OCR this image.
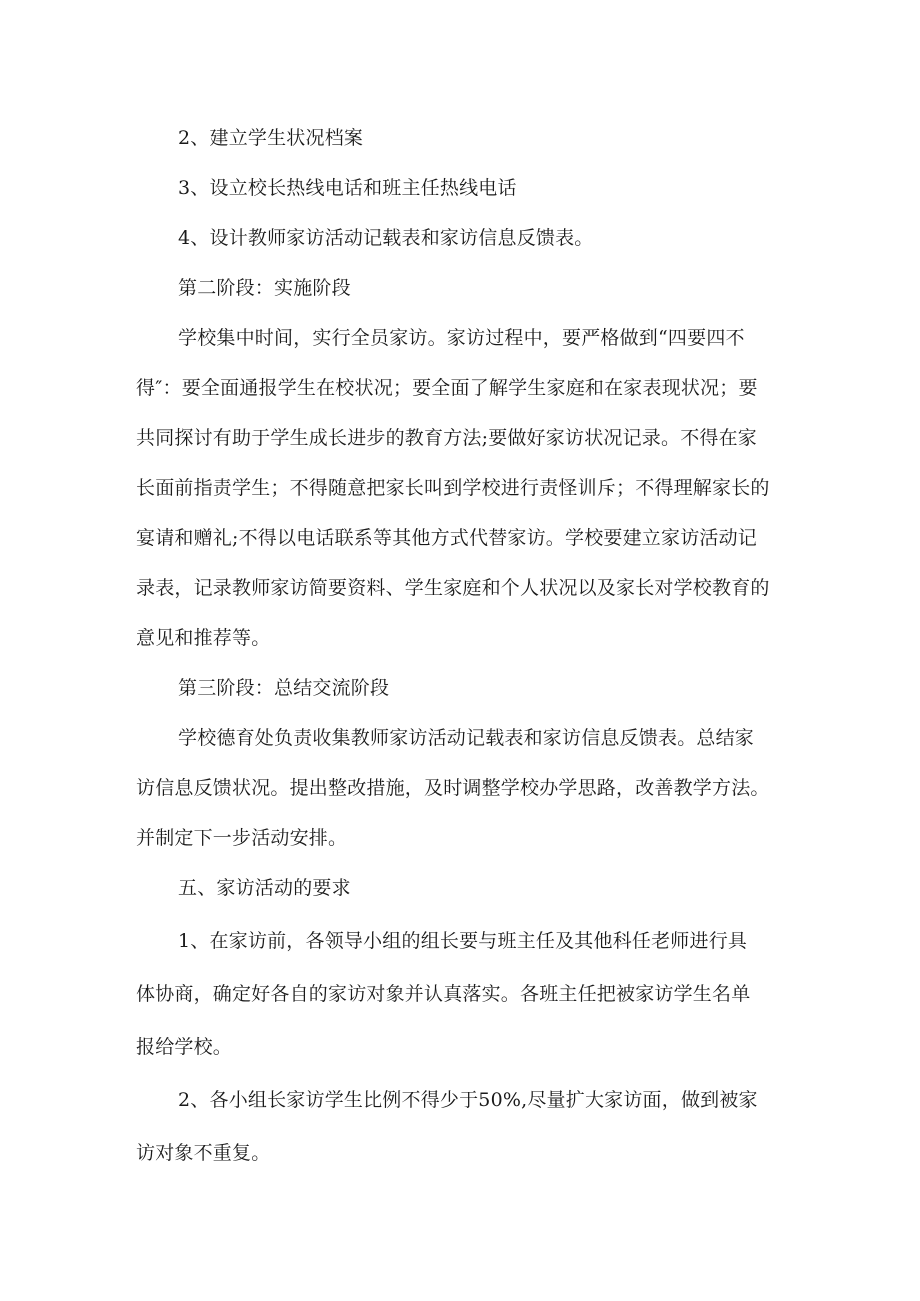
2、建立学生状况档案
3、设立校长热线电话和班主任热线电话
4、设计教师家访活动记载表和家访信息反馈表。
第二阶段：实施阶段
学校集中时间，实行全员家访。家访过程中，要严格做到“四要四不
得″：要全面通报学生在校状况；要全面了解学生家庭和在家表现状况；要
共同探讨有助于学生成长进步的教育方法;要做好家访状况记录。不得在家
长面前指责学生；不得随意把家长叫到学校进行责怪训斥；不得理解家长的
宴请和赠礼;不得以电话联系等其他方式代替家访。学校要建立家访活动记
录表，记录教师家访简要资料、学生家庭和个人状况以及家长对学校教育的
意见和推荐等。
第三阶段：总结交流阶段
学校德育处负责收集教师家访活动记载表和家访信息反馈表。总结家
访信息反馈状况。提出整改措施，及时调整学校办学思路，改善教学方法。
并制定下一步活动安排。
五、家访活动的要求
1、在家访前，各领导小组的组长要与班主任及其他科任老师进行具
体协商，确定好各自的家访对象并认真落实。各班主任把被家访学生名单
报给学校。
2、各小组长家访学生比例不得少于50%,尽量扩大家访面，做到被家
访对象不重复。
